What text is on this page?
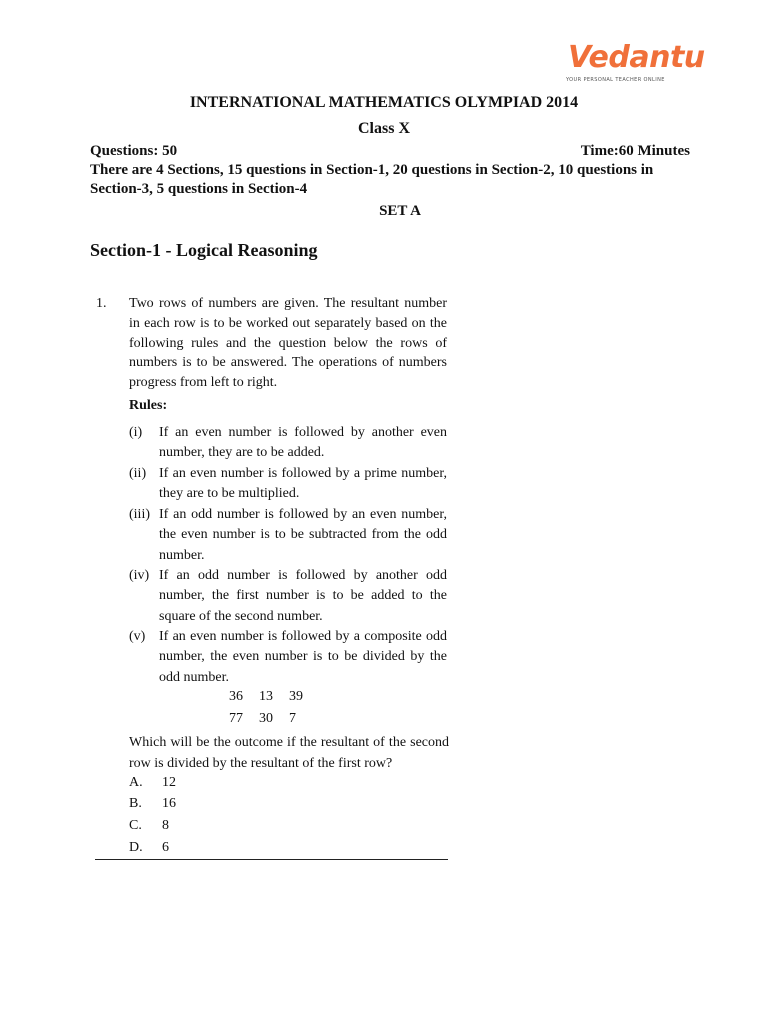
Vedantu
YOUR PERSONAL TEACHER ONLINE
INTERNATIONAL MATHEMATICS OLYMPIAD 2014
Class X
Questions: 50	Time:60 Minutes
There are 4 Sections, 15 questions in Section-1, 20 questions in Section-2, 10 questions in Section-3, 5 questions in Section-4
SET A
Section-1 - Logical Reasoning
1. Two rows of numbers are given. The resultant number in each row is to be worked out separately based on the following rules and the question below the rows of numbers is to be answered. The operations of numbers progress from left to right.
Rules:
(i) If an even number is followed by another even number, they are to be added.
(ii) If an even number is followed by a prime number, they are to be multiplied.
(iii) If an odd number is followed by an even number, the even number is to be subtracted from the odd number.
(iv) If an odd number is followed by another odd number, the first number is to be added to the square of the second number.
(v) If an even number is followed by a composite odd number, the even number is to be divided by the odd number.
36 13 39
77 30 7
Which will be the outcome if the resultant of the second row is divided by the resultant of the first row?
A. 12
B. 16
C. 8
D. 6
